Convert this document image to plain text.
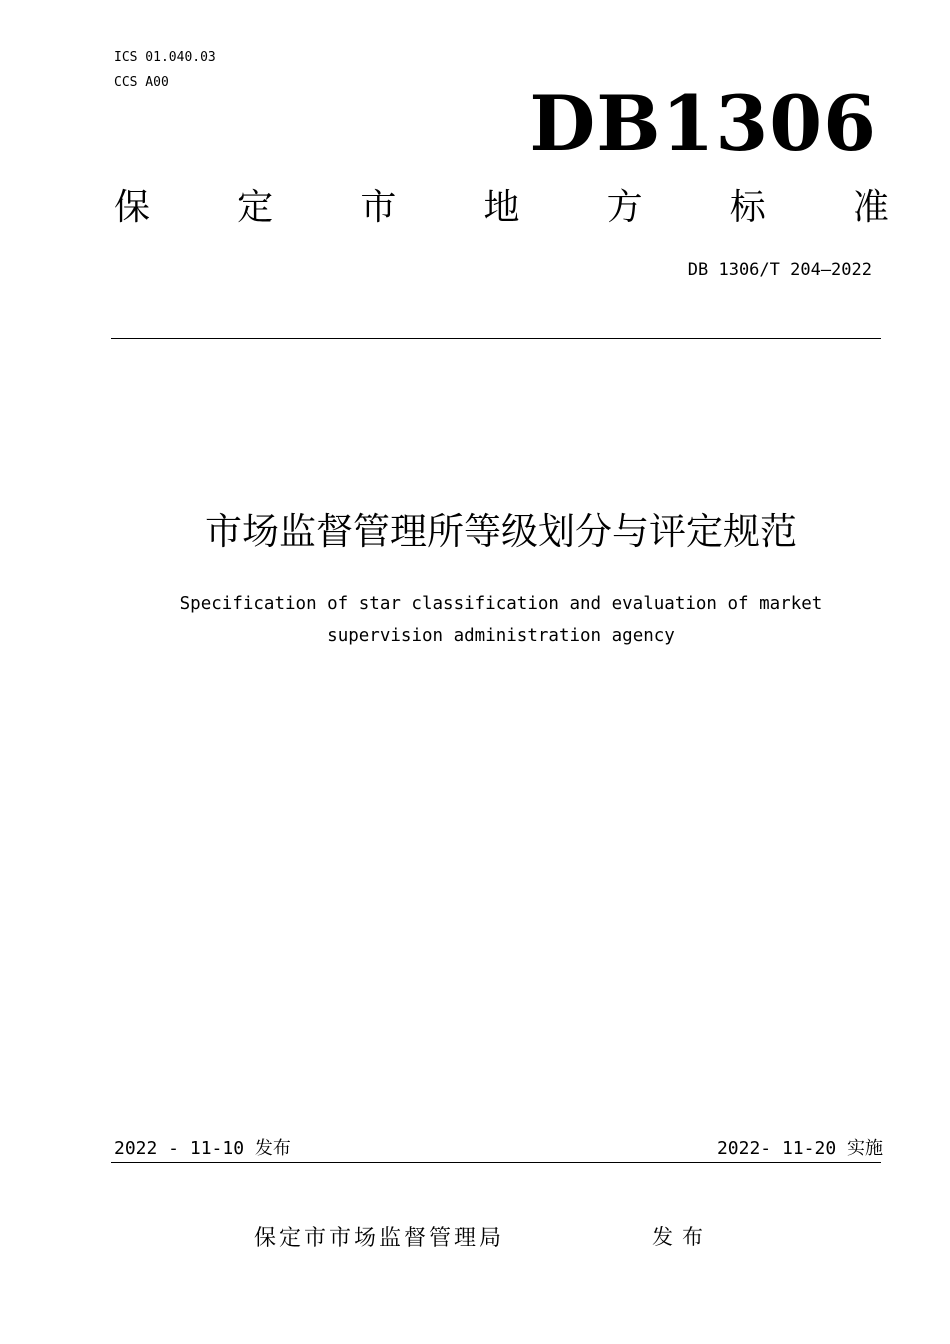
ICS 01.040.03
CCS A00	DB1306
保 定 市 地 方 标 准
DB 1306/T 204—2022
市场监督管理所等级划分与评定规范
Specification of star classification and evaluation of market
supervision administration agency
2022 - 11-10 发布	2022- 11-20 实施
保定市市场监督管理局	发布
